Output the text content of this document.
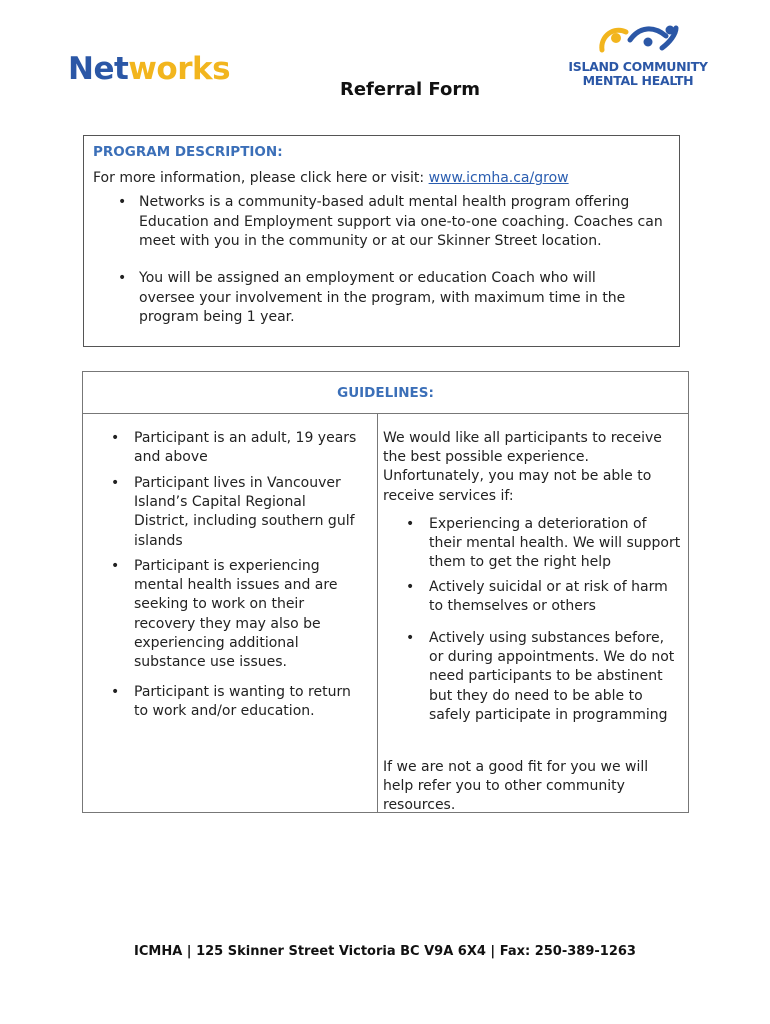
Networks	ISLAND COMMUNITY
MENTAL HEALTH
Referral Form
PROGRAM DESCRIPTION:
For more information, please click here or visit: www.icmha.ca/grow
• Networks is a community-based adult mental health program offering Education and Employment support via one-to-one coaching. Coaches can meet with you in the community or at our Skinner Street location.
• You will be assigned an employment or education Coach who will oversee your involvement in the program, with maximum time in the program being 1 year.
GUIDELINES:
• Participant is an adult, 19 years and above
• Participant lives in Vancouver Island’s Capital Regional District, including southern gulf islands
• Participant is experiencing mental health issues and are seeking to work on their recovery they may also be experiencing additional substance use issues.
• Participant is wanting to return to work and/or education.
We would like all participants to receive the best possible experience. Unfortunately, you may not be able to receive services if:
• Experiencing a deterioration of their mental health. We will support them to get the right help
• Actively suicidal or at risk of harm to themselves or others
• Actively using substances before, or during appointments. We do not need participants to be abstinent but they do need to be able to safely participate in programming
If we are not a good fit for you we will help refer you to other community resources.
ICMHA | 125 Skinner Street Victoria BC V9A 6X4 | Fax: 250-389-1263
